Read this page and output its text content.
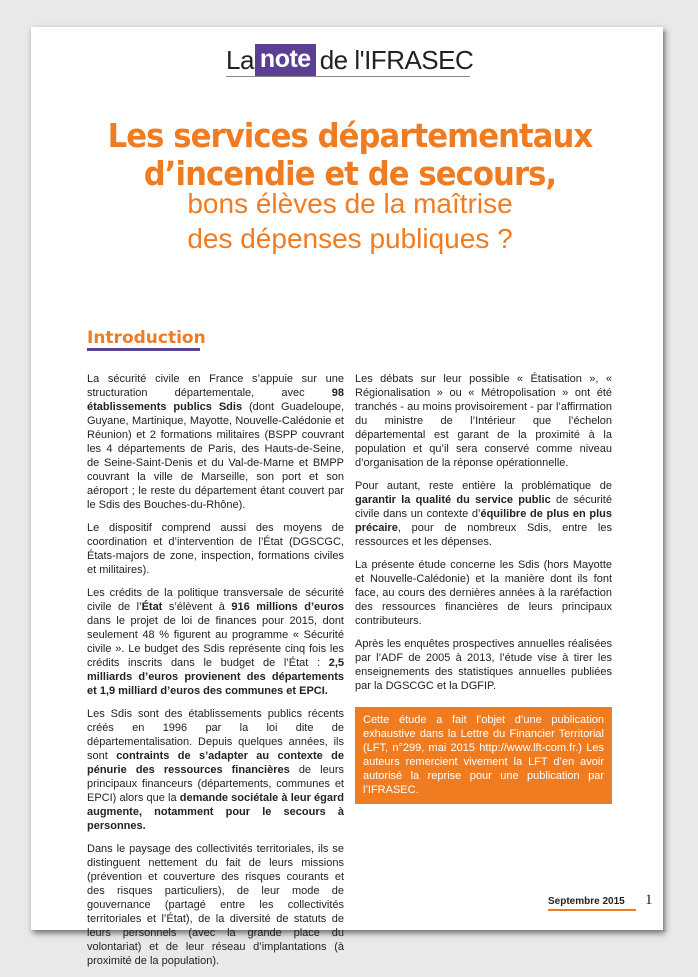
La note de l'IFRASEC
Les services départementaux
d’incendie et de secours,
bons élèves de la maîtrise
des dépenses publiques ?
Introduction

La sécurité civile en France s’appuie sur une structuration départementale, avec 98 établissements publics Sdis (dont Guadeloupe, Guyane, Martinique, Mayotte, Nouvelle-Calédonie et Réunion) et 2 formations militaires (BSPP couvrant les 4 départements de Paris, des Hauts-de-Seine, de Seine-Saint-Denis et du Val-de-Marne et BMPP couvrant la ville de Marseille, son port et son aéroport ; le reste du département étant couvert par le Sdis des Bouches-du-Rhône).

Le dispositif comprend aussi des moyens de coordination et d’intervention de l’État (DGSCGC, États-majors de zone, inspection, formations civiles et militaires).

Les crédits de la politique transversale de sécurité civile de l’État s’élèvent à 916 millions d’euros dans le projet de loi de finances pour 2015, dont seulement 48 % figurent au programme « Sécurité civile ». Le budget des Sdis représente cinq fois les crédits inscrits dans le budget de l’État : 2,5 milliards d’euros provienent des départements et 1,9 milliard d’euros des communes et EPCI.

Les Sdis sont des établissements publics récents créés en 1996 par la loi dite de départementalisation. Depuis quelques années, ils sont contraints de s’adapter au contexte de pénurie des ressources financières de leurs principaux financeurs (départements, communes et EPCI) alors que la demande sociétale à leur égard augmente, notamment pour le secours à personnes.

Dans le paysage des collectivités territoriales, ils se distinguent nettement du fait de leurs missions (prévention et couverture des risques courants et des risques particuliers), de leur mode de gouvernance (partagé entre les collectivités territoriales et l’État), de la diversité de statuts de leurs personnels (avec la grande place du volontariat) et de leur réseau d’implantations (à proximité de la population).

Les débats sur leur possible « Étatisation », « Régionalisation » ou « Métropolisation » ont été tranchés - au moins provisoirement - par l’affirmation du ministre de l’Intérieur que l’échelon départemental est garant de la proximité à la population et qu’il sera conservé comme niveau d’organisation de la réponse opérationnelle.

Pour autant, reste entière la problématique de garantir la qualité du service public de sécurité civile dans un contexte d’équilibre de plus en plus précaire, pour de nombreux Sdis, entre les ressources et les dépenses.

La présente étude concerne les Sdis (hors Mayotte et Nouvelle-Calédonie) et la manière dont ils font face, au cours des dernières années à la raréfaction des ressources financières de leurs principaux contributeurs.

Après les enquêtes prospectives annuelles réalisées par l’ADF de 2005 à 2013, l’étude vise à tirer les enseignements des statistiques annuelles publiées par la DGSCGC et la DGFIP.

Cette étude a fait l’objet d’une publication exhaustive dans la Lettre du Financier Territorial (LFT, n°299, mai 2015 http://www.lft-com.fr.) Les auteurs remercient vivement la LFT d’en avoir autorisé la reprise pour une publication par l’IFRASEC.
Septembre 2015 1
